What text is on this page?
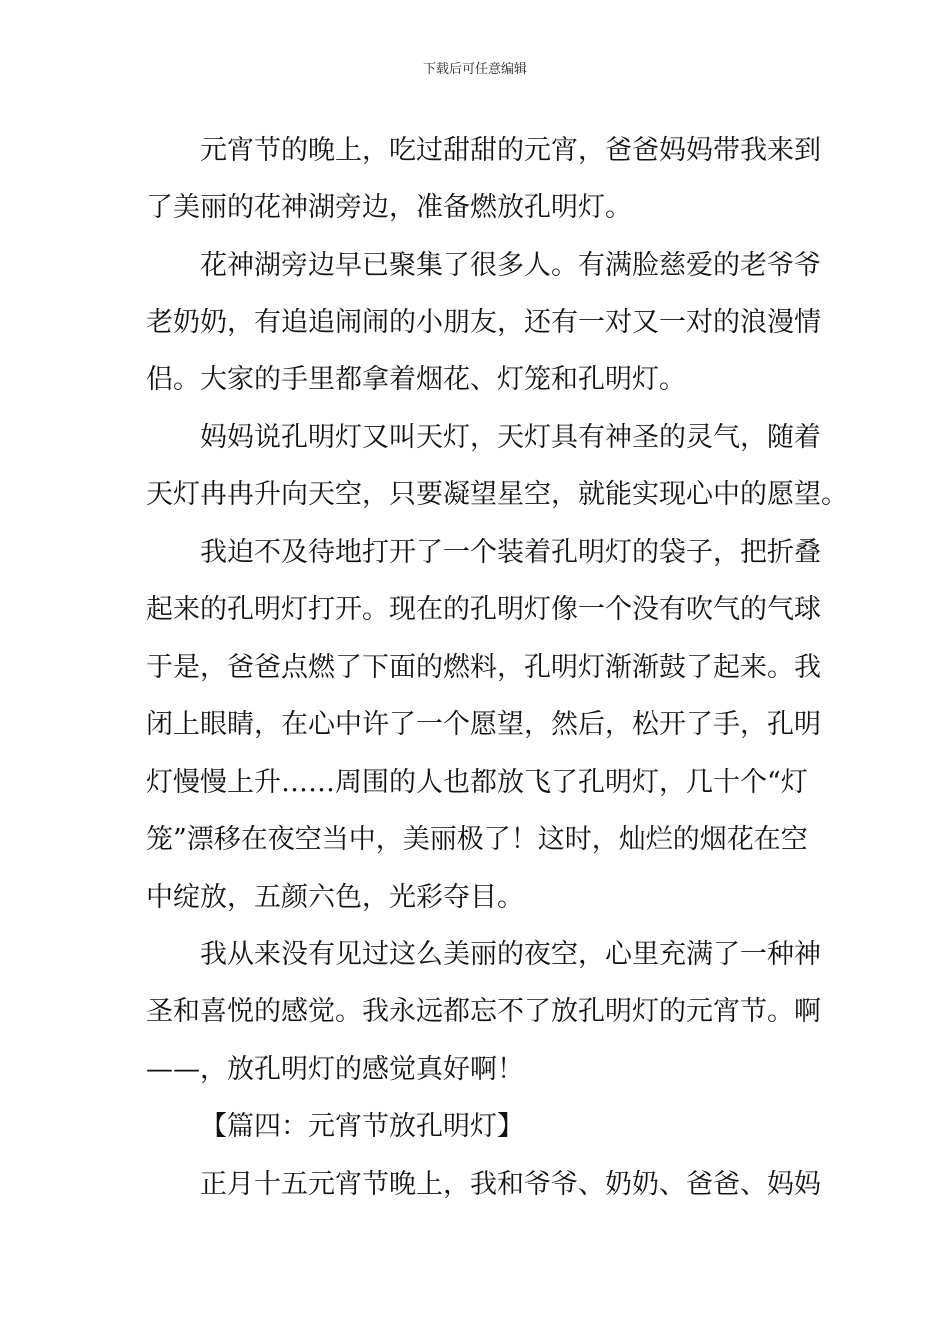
下载后可任意编辑
元宵节的晚上，吃过甜甜的元宵，爸爸妈妈带我来到
了美丽的花神湖旁边，准备燃放孔明灯。
花神湖旁边早已聚集了很多人。有满脸慈爱的老爷爷
老奶奶，有追追闹闹的小朋友，还有一对又一对的浪漫情
侣。大家的手里都拿着烟花、灯笼和孔明灯。
妈妈说孔明灯又叫天灯，天灯具有神圣的灵气，随着
天灯冉冉升向天空，只要凝望星空，就能实现心中的愿望。
我迫不及待地打开了一个装着孔明灯的袋子，把折叠
起来的孔明灯打开。现在的孔明灯像一个没有吹气的气球
于是，爸爸点燃了下面的燃料，孔明灯渐渐鼓了起来。我
闭上眼睛，在心中许了一个愿望，然后，松开了手，孔明
灯慢慢上升……周围的人也都放飞了孔明灯，几十个“灯
笼”漂移在夜空当中，美丽极了！这时，灿烂的烟花在空
中绽放，五颜六色，光彩夺目。
我从来没有见过这么美丽的夜空，心里充满了一种神
圣和喜悦的感觉。我永远都忘不了放孔明灯的元宵节。啊
——，放孔明灯的感觉真好啊！
【篇四：元宵节放孔明灯】
正月十五元宵节晚上，我和爷爷、奶奶、爸爸、妈妈
